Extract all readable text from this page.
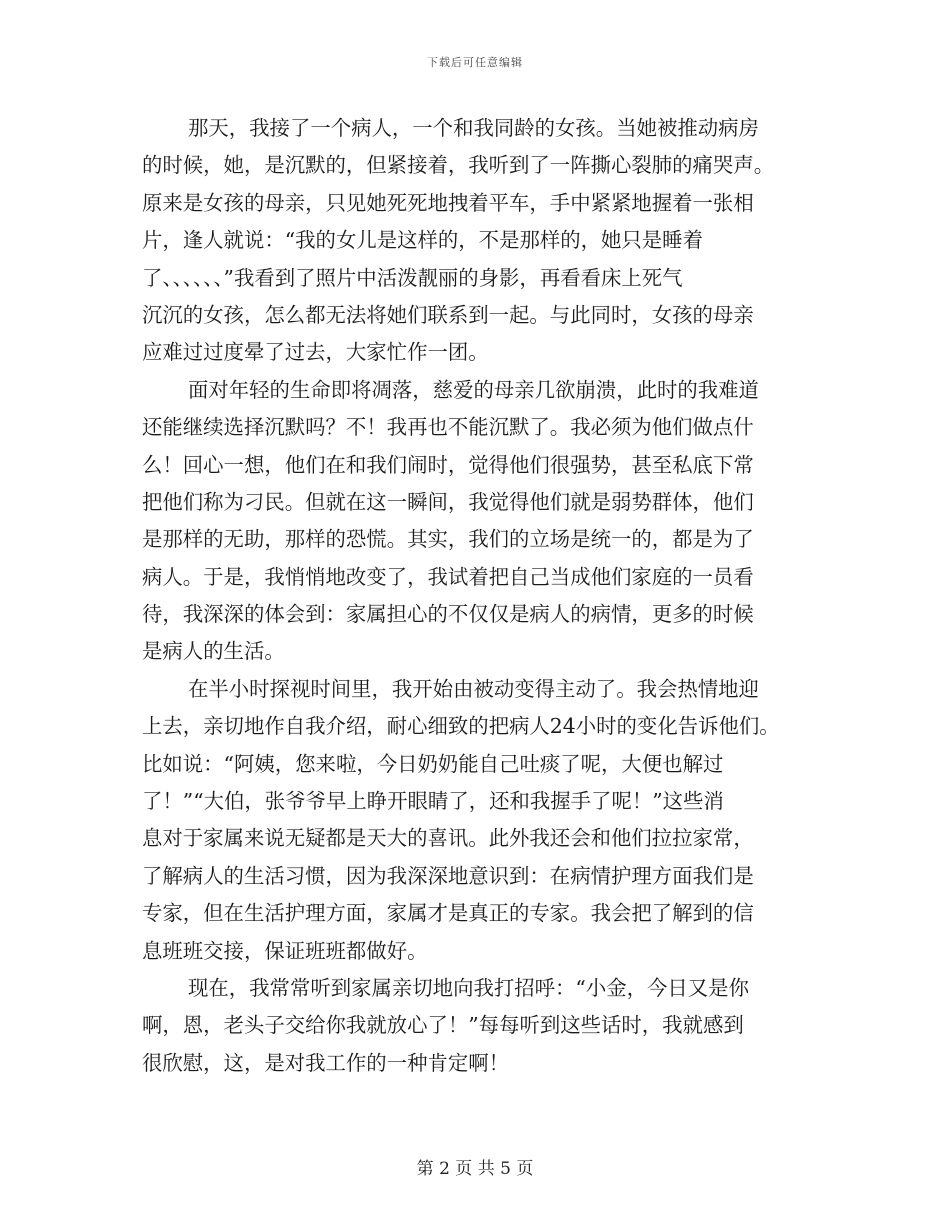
下载后可任意编辑
那天，我接了一个病人，一个和我同龄的女孩。当她被推动病房
的时候，她，是沉默的，但紧接着，我听到了一阵撕心裂肺的痛哭声。
原来是女孩的母亲，只见她死死地拽着平车，手中紧紧地握着一张相
片，逢人就说：“我的女儿是这样的，不是那样的，她只是睡着
了、、、、、、”我看到了照片中活泼靓丽的身影，再看看床上死气
沉沉的女孩，怎么都无法将她们联系到一起。与此同时，女孩的母亲
应难过过度晕了过去，大家忙作一团。
面对年轻的生命即将凋落，慈爱的母亲几欲崩溃，此时的我难道
还能继续选择沉默吗？不！我再也不能沉默了。我必须为他们做点什
么！回心一想，他们在和我们闹时，觉得他们很强势，甚至私底下常
把他们称为刁民。但就在这一瞬间，我觉得他们就是弱势群体，他们
是那样的无助，那样的恐慌。其实，我们的立场是统一的，都是为了
病人。于是，我悄悄地改变了，我试着把自己当成他们家庭的一员看
待，我深深的体会到：家属担心的不仅仅是病人的病情，更多的时候
是病人的生活。
在半小时探视时间里，我开始由被动变得主动了。我会热情地迎
上去，亲切地作自我介绍，耐心细致的把病人24小时的变化告诉他们。
比如说：“阿姨，您来啦，今日奶奶能自己吐痰了呢，大便也解过
了！”“大伯，张爷爷早上睁开眼睛了，还和我握手了呢！”这些消
息对于家属来说无疑都是天大的喜讯。此外我还会和他们拉拉家常，
了解病人的生活习惯，因为我深深地意识到：在病情护理方面我们是
专家，但在生活护理方面，家属才是真正的专家。我会把了解到的信
息班班交接，保证班班都做好。
现在，我常常听到家属亲切地向我打招呼：“小金，今日又是你
啊，恩，老头子交给你我就放心了！”每每听到这些话时，我就感到
很欣慰，这，是对我工作的一种肯定啊！
第 2 页 共 5 页
